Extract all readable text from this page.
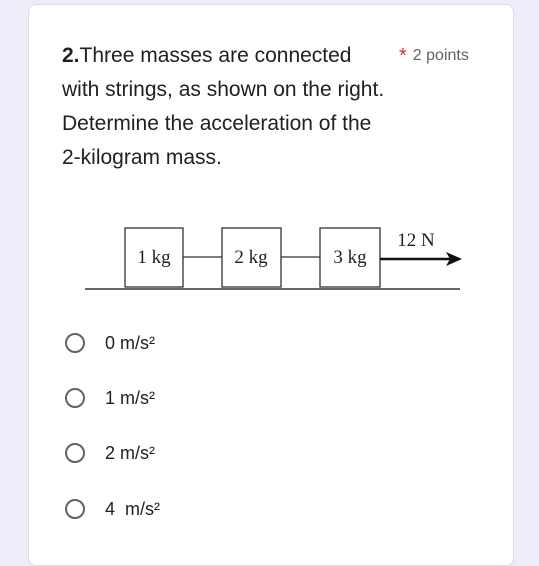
2.Three masses are connected with strings, as shown on the right. Determine the acceleration of the 2-kilogram mass.
* 2 points
1 kg	2 kg	3 kg
12 N
0 m/s²
1 m/s²
2 m/s²
4  m/s²
